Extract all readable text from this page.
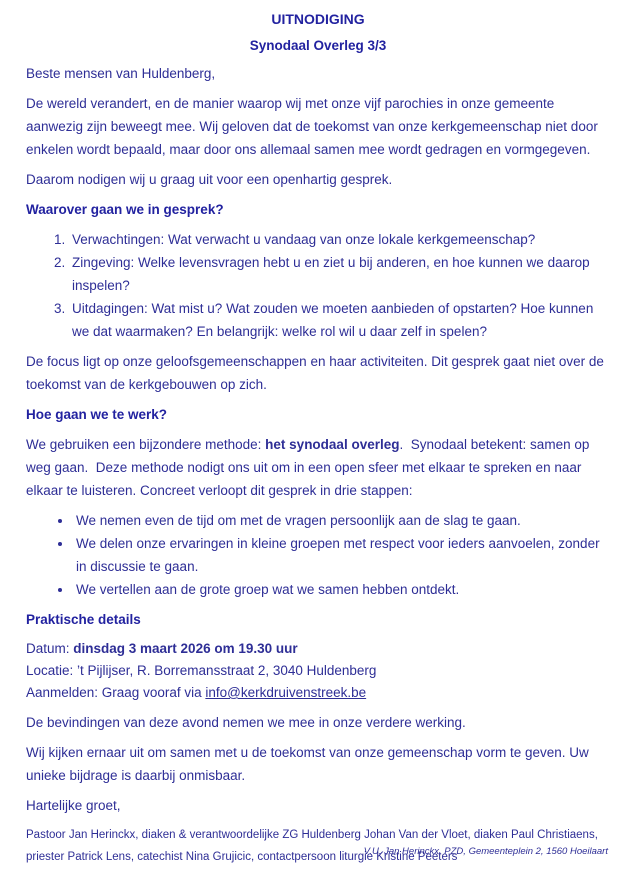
UITNODIGING
Synodaal Overleg 3/3

Beste mensen van Huldenberg,

De wereld verandert, en de manier waarop wij met onze vijf parochies in onze gemeente aanwezig zijn beweegt mee. Wij geloven dat de toekomst van onze kerkgemeenschap niet door enkelen wordt bepaald, maar door ons allemaal samen mee wordt gedragen en vormgegeven.

Daarom nodigen wij u graag uit voor een openhartig gesprek.

Waarover gaan we in gesprek?
1. Verwachtingen: Wat verwacht u vandaag van onze lokale kerkgemeenschap?
2. Zingeving: Welke levensvragen hebt u en ziet u bij anderen, en hoe kunnen we daarop inspelen?
3. Uitdagingen: Wat mist u? Wat zouden we moeten aanbieden of opstarten? Hoe kunnen we dat waarmaken? En belangrijk: welke rol wil u daar zelf in spelen?

De focus ligt op onze geloofsgemeenschappen en haar activiteiten. Dit gesprek gaat niet over de toekomst van de kerkgebouwen op zich.

Hoe gaan we te werk?

We gebruiken een bijzondere methode: het synodaal overleg.  Synodaal betekent: samen op weg gaan.  Deze methode nodigt ons uit om in een open sfeer met elkaar te spreken en naar elkaar te luisteren. Concreet verloopt dit gesprek in drie stappen:

• We nemen even de tijd om met de vragen persoonlijk aan de slag te gaan.
• We delen onze ervaringen in kleine groepen met respect voor ieders aanvoelen, zonder in discussie te gaan.
• We vertellen aan de grote groep wat we samen hebben ontdekt.
Praktische details
Datum: dinsdag 3 maart 2026 om 19.30 uur
Locatie: ’t Pijlijser, R. Borremansstraat 2, 3040 Huldenberg
Aanmelden: Graag vooraf via info@kerkdruivenstreek.be

De bevindingen van deze avond nemen we mee in onze verdere werking.

Wij kijken ernaar uit om samen met u de toekomst van onze gemeenschap vorm te geven. Uw unieke bijdrage is daarbij onmisbaar.

Hartelijke groet,

Pastoor Jan Herinckx, diaken & verantwoordelijke ZG Huldenberg Johan Van der Vloet, diaken Paul Christiaens, priester Patrick Lens, catechist Nina Grujicic, contactpersoon liturgie Kristine Peeters

V.U. Jan Herinckx, PZD, Gemeenteplein 2, 1560 Hoeilaart
